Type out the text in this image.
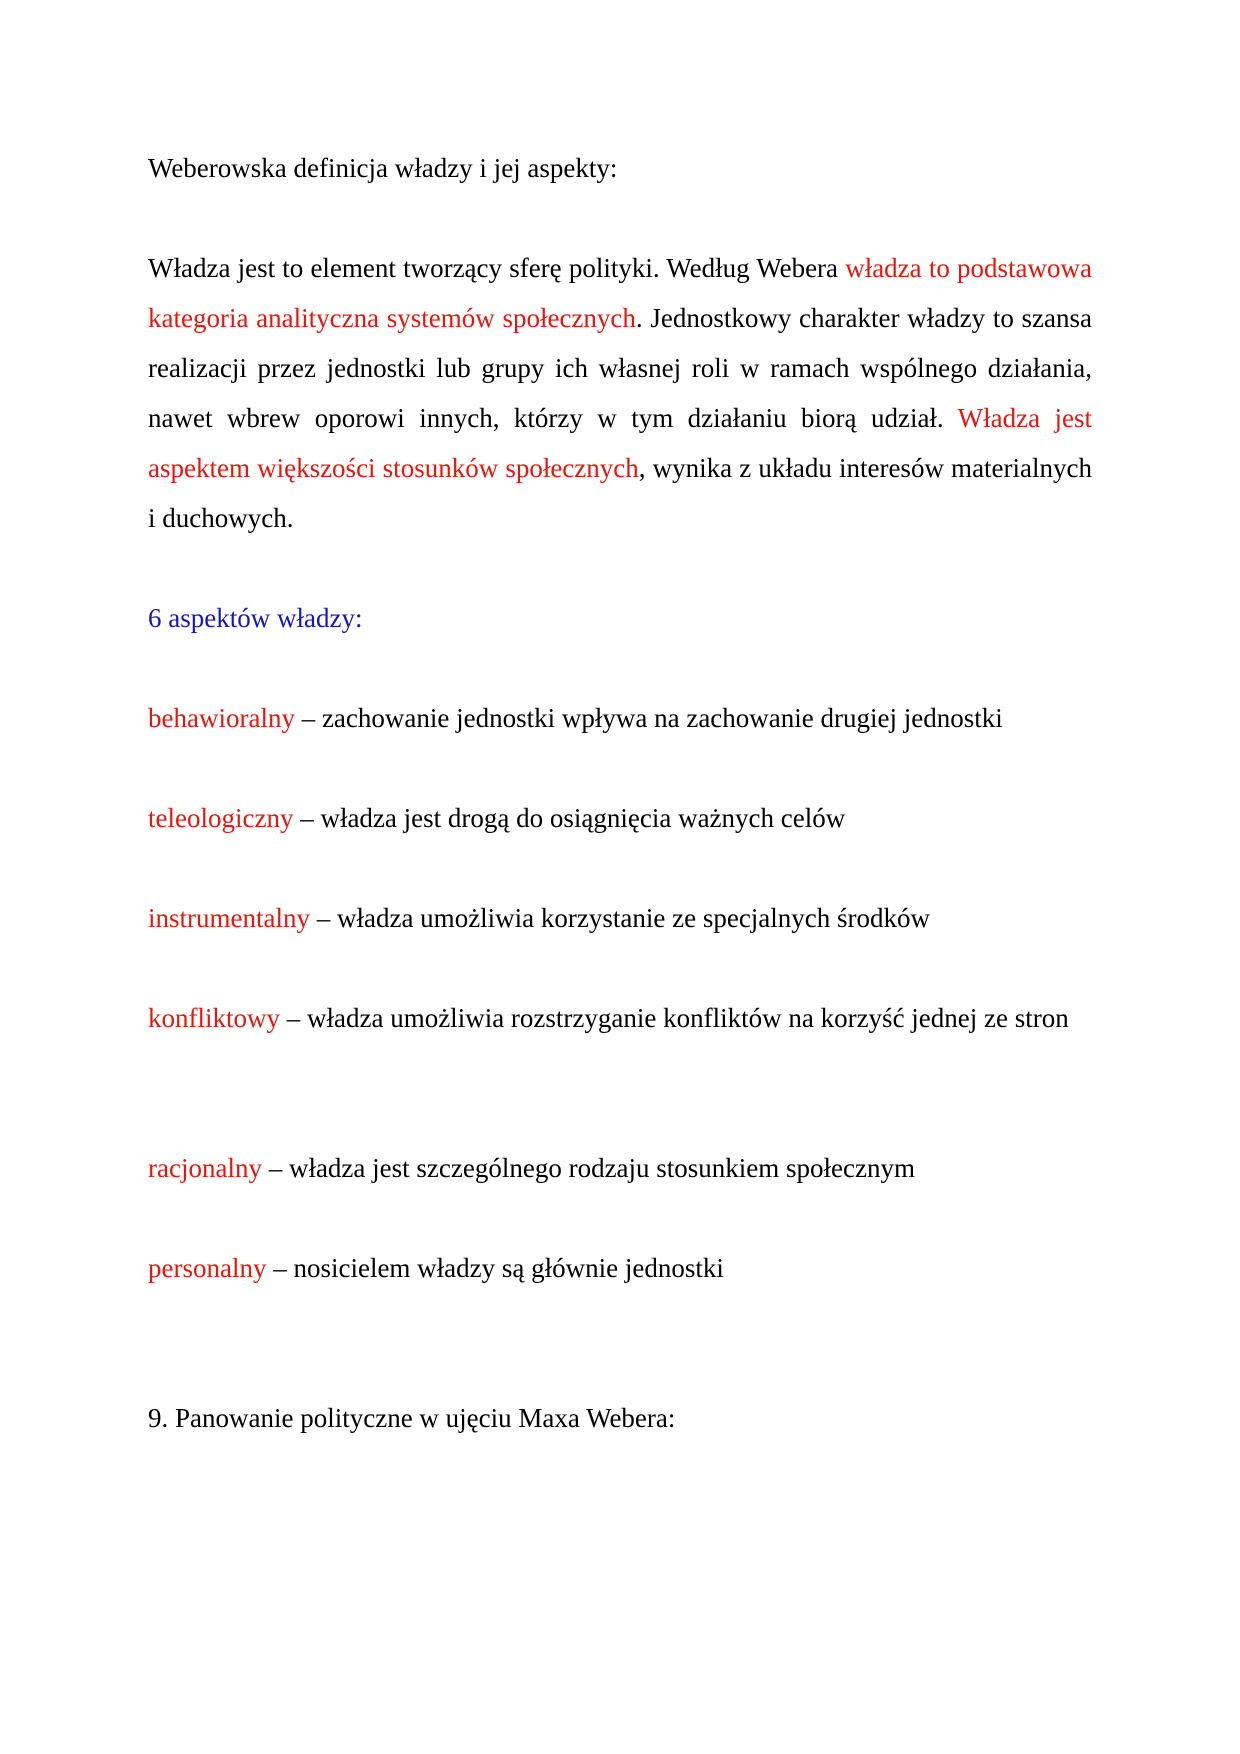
Weberowska definicja władzy i jej aspekty:

Władza jest to element tworzący sferę polityki. Według Webera władza to podstawowa kategoria analityczna systemów społecznych. Jednostkowy charakter władzy to szansa realizacji przez jednostki lub grupy ich własnej roli w ramach wspólnego działania, nawet wbrew oporowi innych, którzy w tym działaniu biorą udział. Władza jest aspektem większości stosunków społecznych, wynika z układu interesów materialnych i duchowych.

6 aspektów władzy:

behawioralny – zachowanie jednostki wpływa na zachowanie drugiej jednostki

teleologiczny – władza jest drogą do osiągnięcia ważnych celów

instrumentalny – władza umożliwia korzystanie ze specjalnych środków

konfliktowy – władza umożliwia rozstrzyganie konfliktów na korzyść jednej ze stron

racjonalny – władza jest szczególnego rodzaju stosunkiem społecznym

personalny – nosicielem władzy są głównie jednostki

9. Panowanie polityczne w ujęciu Maxa Webera:
